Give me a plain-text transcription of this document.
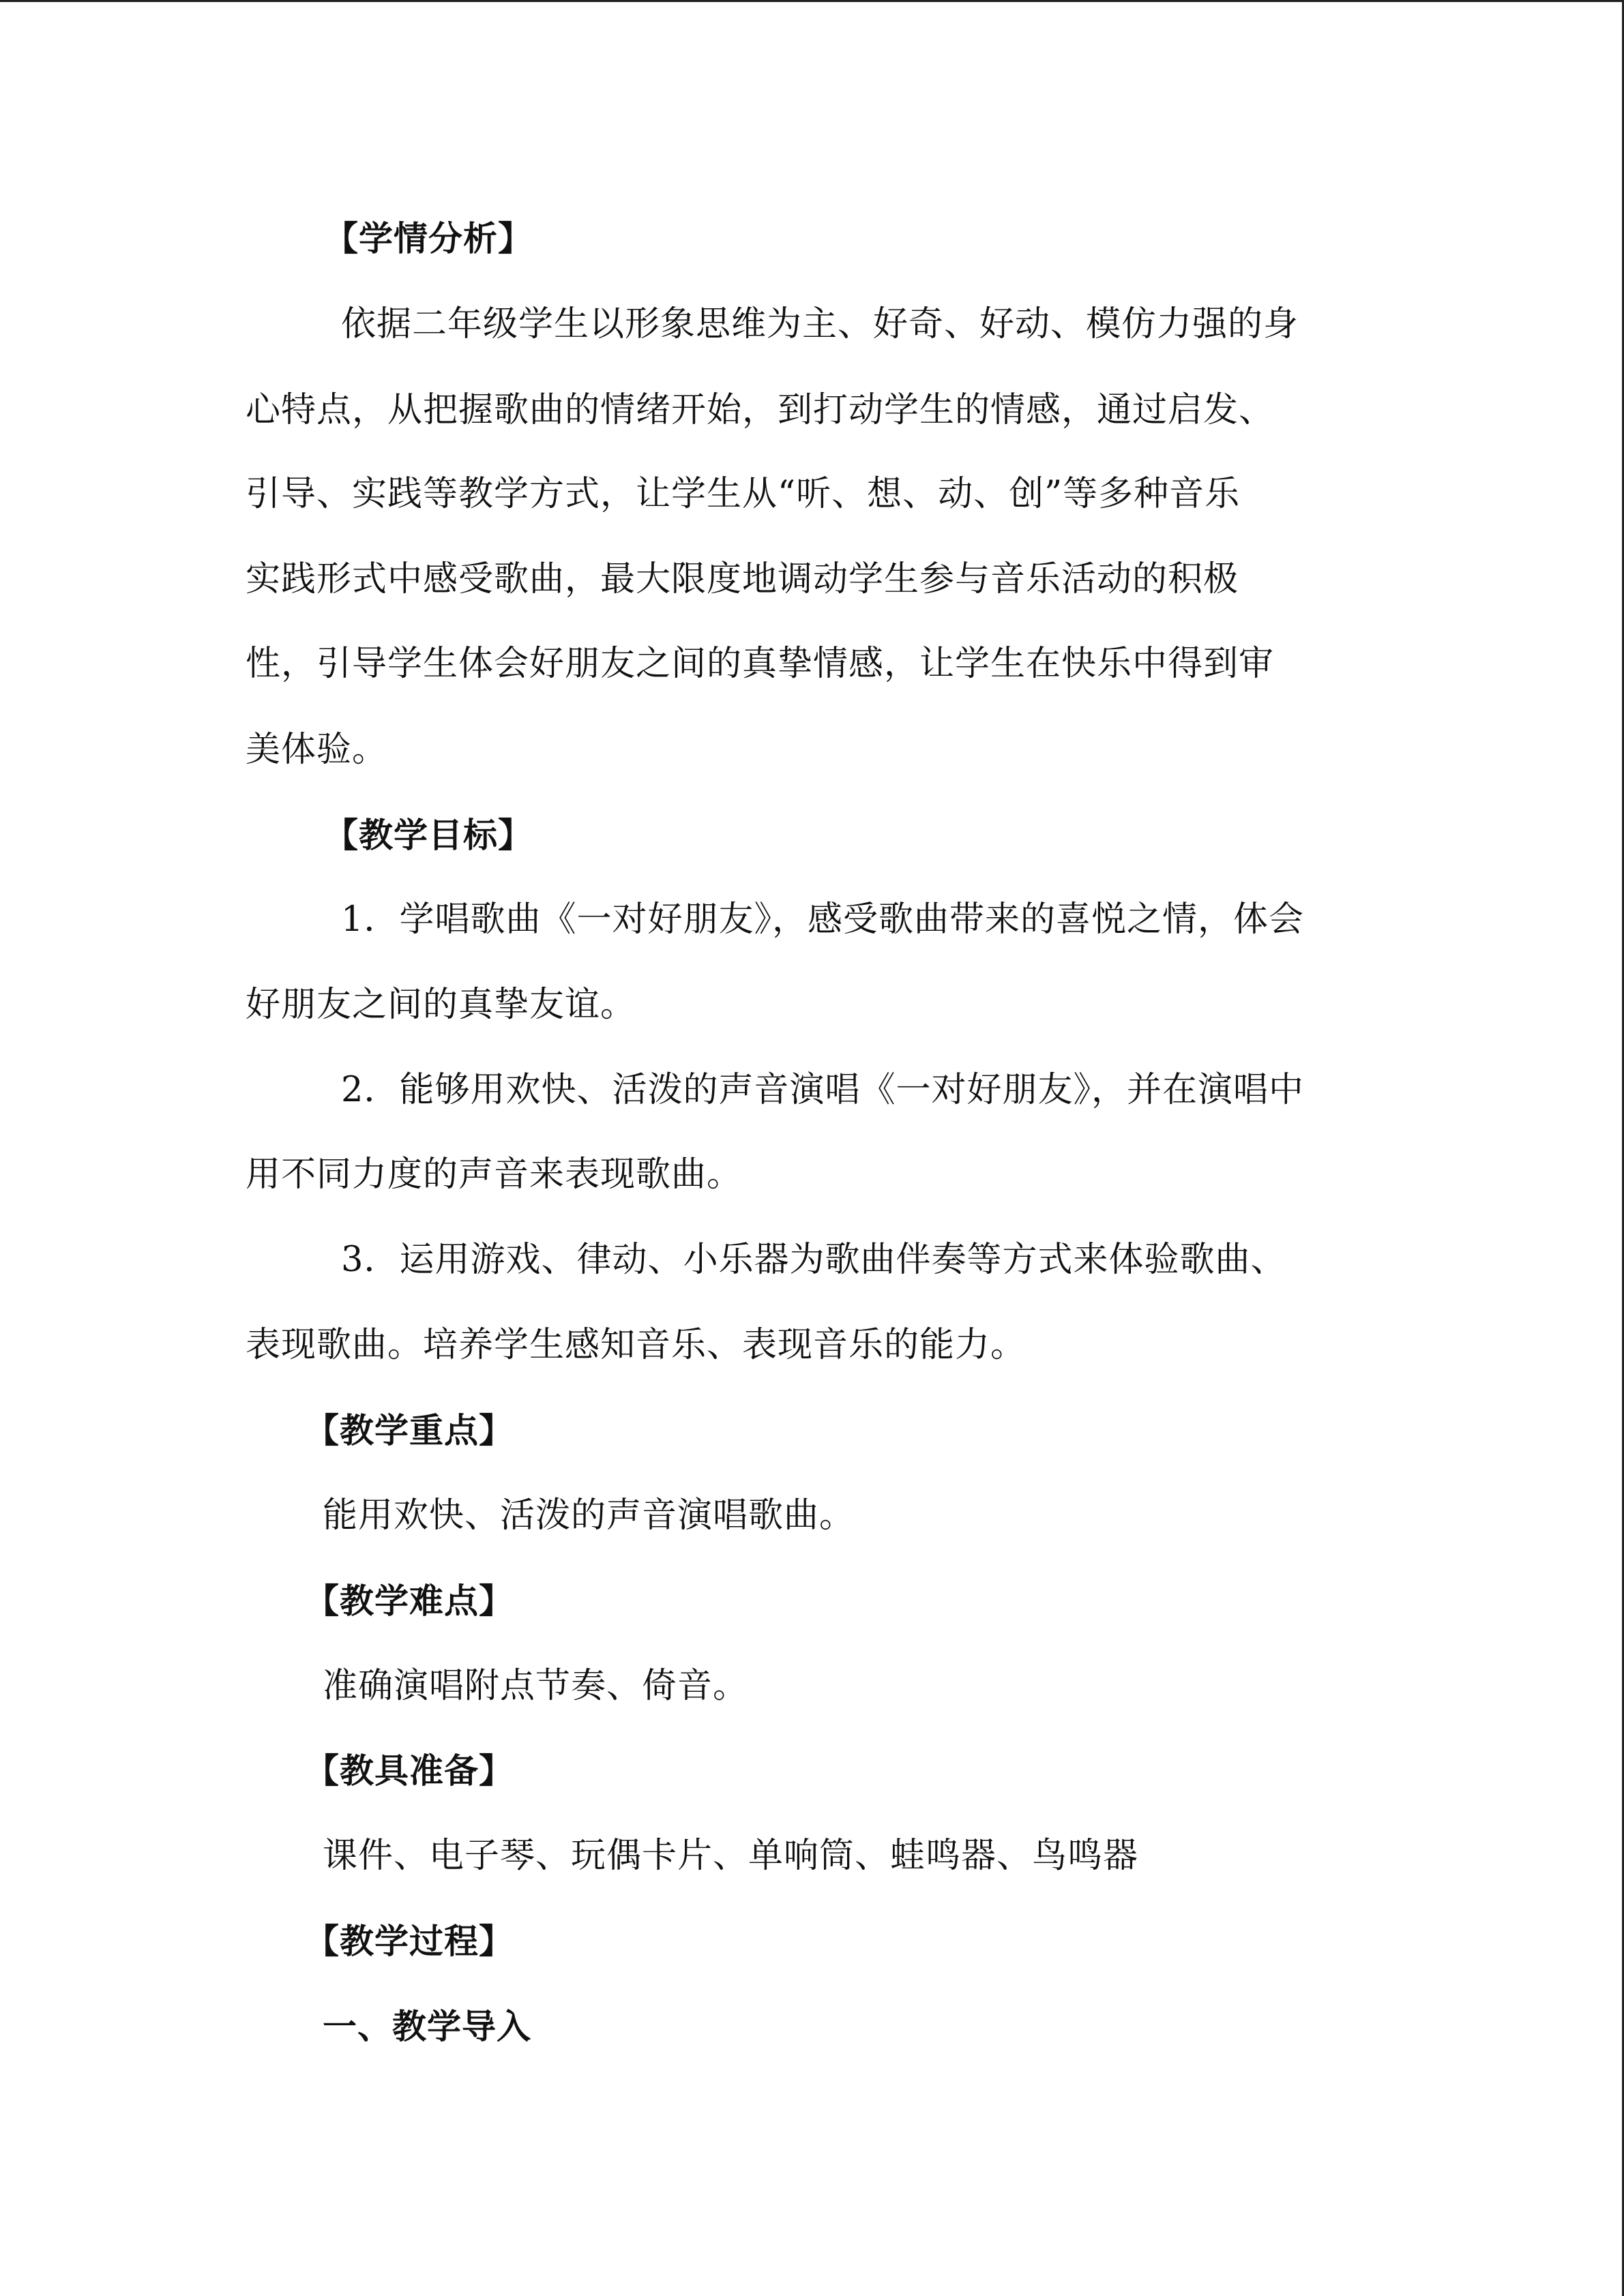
【学情分析】
依据二年级学生以形象思维为主、好奇、好动、模仿力强的身
心特点，从把握歌曲的情绪开始，到打动学生的情感，通过启发、
引导、实践等教学方式，让学生从“听、想、动、创”等多种音乐
实践形式中感受歌曲，最大限度地调动学生参与音乐活动的积极
性，引导学生体会好朋友之间的真挚情感，让学生在快乐中得到审
美体验。
【教学目标】
1．学唱歌曲《一对好朋友》，感受歌曲带来的喜悦之情，体会
好朋友之间的真挚友谊。
2．能够用欢快、活泼的声音演唱《一对好朋友》，并在演唱中
用不同力度的声音来表现歌曲。
3．运用游戏、律动、小乐器为歌曲伴奏等方式来体验歌曲、
表现歌曲。培养学生感知音乐、表现音乐的能力。
【教学重点】
能用欢快、活泼的声音演唱歌曲。
【教学难点】
准确演唱附点节奏、倚音。
【教具准备】
课件、电子琴、玩偶卡片、单响筒、蛙鸣器、鸟鸣器
【教学过程】
一、教学导入
